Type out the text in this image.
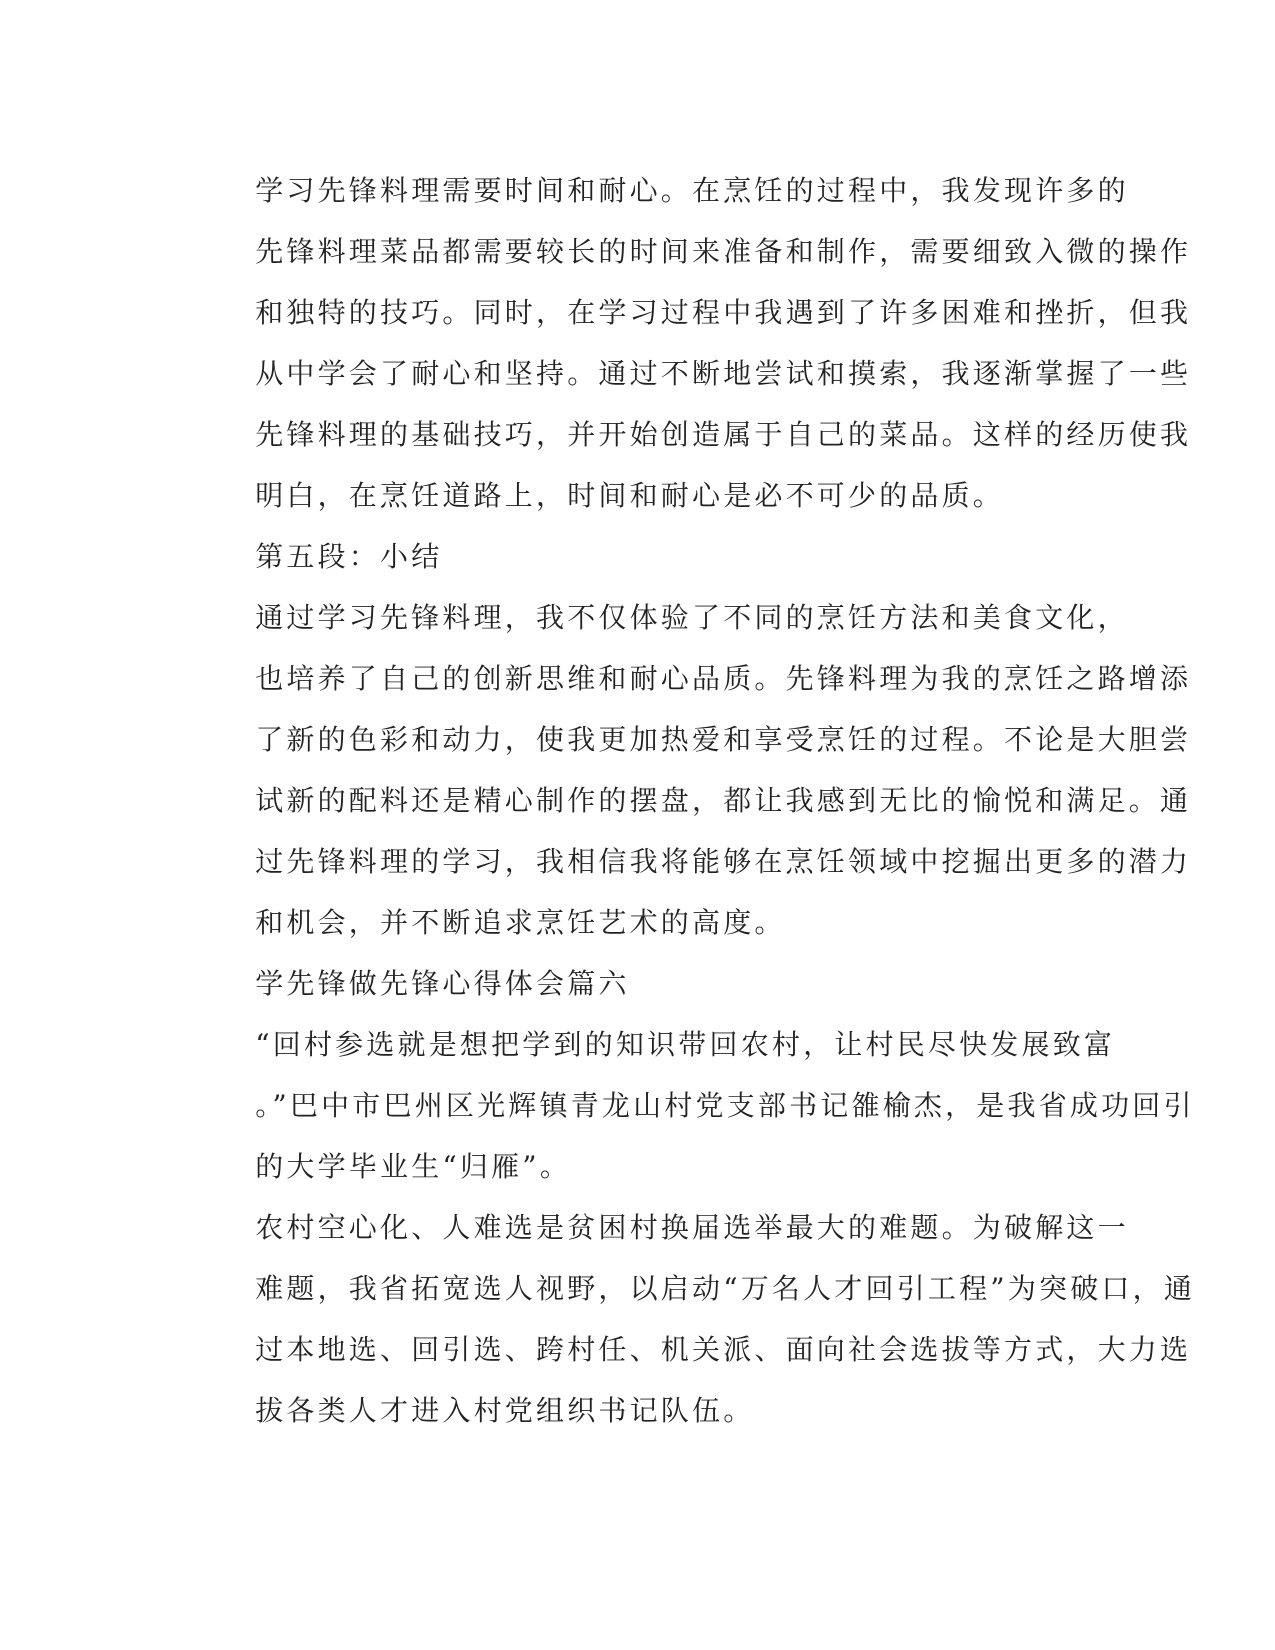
学习先锋料理需要时间和耐心。在烹饪的过程中，我发现许多的
先锋料理菜品都需要较长的时间来准备和制作，需要细致入微的操作
和独特的技巧。同时，在学习过程中我遇到了许多困难和挫折，但我
从中学会了耐心和坚持。通过不断地尝试和摸索，我逐渐掌握了一些
先锋料理的基础技巧，并开始创造属于自己的菜品。这样的经历使我
明白，在烹饪道路上，时间和耐心是必不可少的品质。

第五段：小结

通过学习先锋料理，我不仅体验了不同的烹饪方法和美食文化，
也培养了自己的创新思维和耐心品质。先锋料理为我的烹饪之路增添
了新的色彩和动力，使我更加热爱和享受烹饪的过程。不论是大胆尝
试新的配料还是精心制作的摆盘，都让我感到无比的愉悦和满足。通
过先锋料理的学习，我相信我将能够在烹饪领域中挖掘出更多的潜力
和机会，并不断追求烹饪艺术的高度。

学先锋做先锋心得体会篇六

“回村参选就是想把学到的知识带回农村，让村民尽快发展致富
。”巴中市巴州区光辉镇青龙山村党支部书记雒榆杰，是我省成功回引
的大学毕业生“归雁”。

农村空心化、人难选是贫困村换届选举最大的难题。为破解这一
难题，我省拓宽选人视野，以启动“万名人才回引工程”为突破口，通
过本地选、回引选、跨村任、机关派、面向社会选拔等方式，大力选
拔各类人才进入村党组织书记队伍。
